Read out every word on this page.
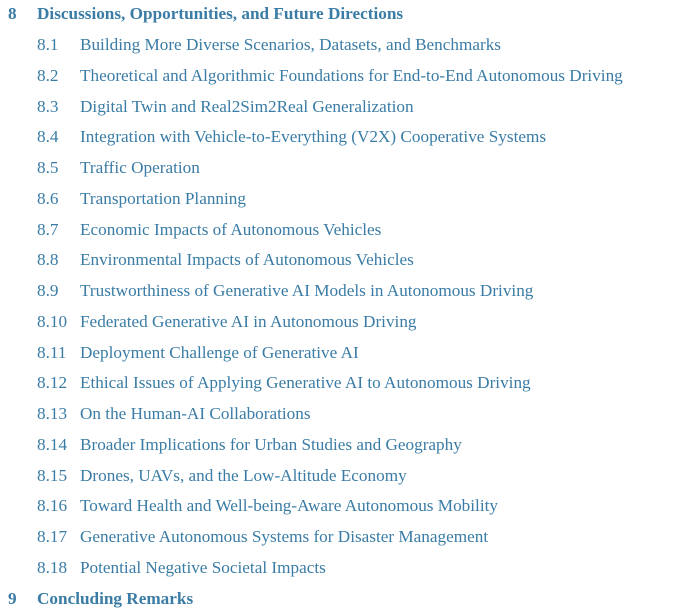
8 Discussions, Opportunities, and Future Directions
8.1 Building More Diverse Scenarios, Datasets, and Benchmarks
8.2 Theoretical and Algorithmic Foundations for End-to-End Autonomous Driving
8.3 Digital Twin and Real2Sim2Real Generalization
8.4 Integration with Vehicle-to-Everything (V2X) Cooperative Systems
8.5 Traffic Operation
8.6 Transportation Planning
8.7 Economic Impacts of Autonomous Vehicles
8.8 Environmental Impacts of Autonomous Vehicles
8.9 Trustworthiness of Generative AI Models in Autonomous Driving
8.10 Federated Generative AI in Autonomous Driving
8.11 Deployment Challenge of Generative AI
8.12 Ethical Issues of Applying Generative AI to Autonomous Driving
8.13 On the Human-AI Collaborations
8.14 Broader Implications for Urban Studies and Geography
8.15 Drones, UAVs, and the Low-Altitude Economy
8.16 Toward Health and Well-being-Aware Autonomous Mobility
8.17 Generative Autonomous Systems for Disaster Management
8.18 Potential Negative Societal Impacts
9 Concluding Remarks
